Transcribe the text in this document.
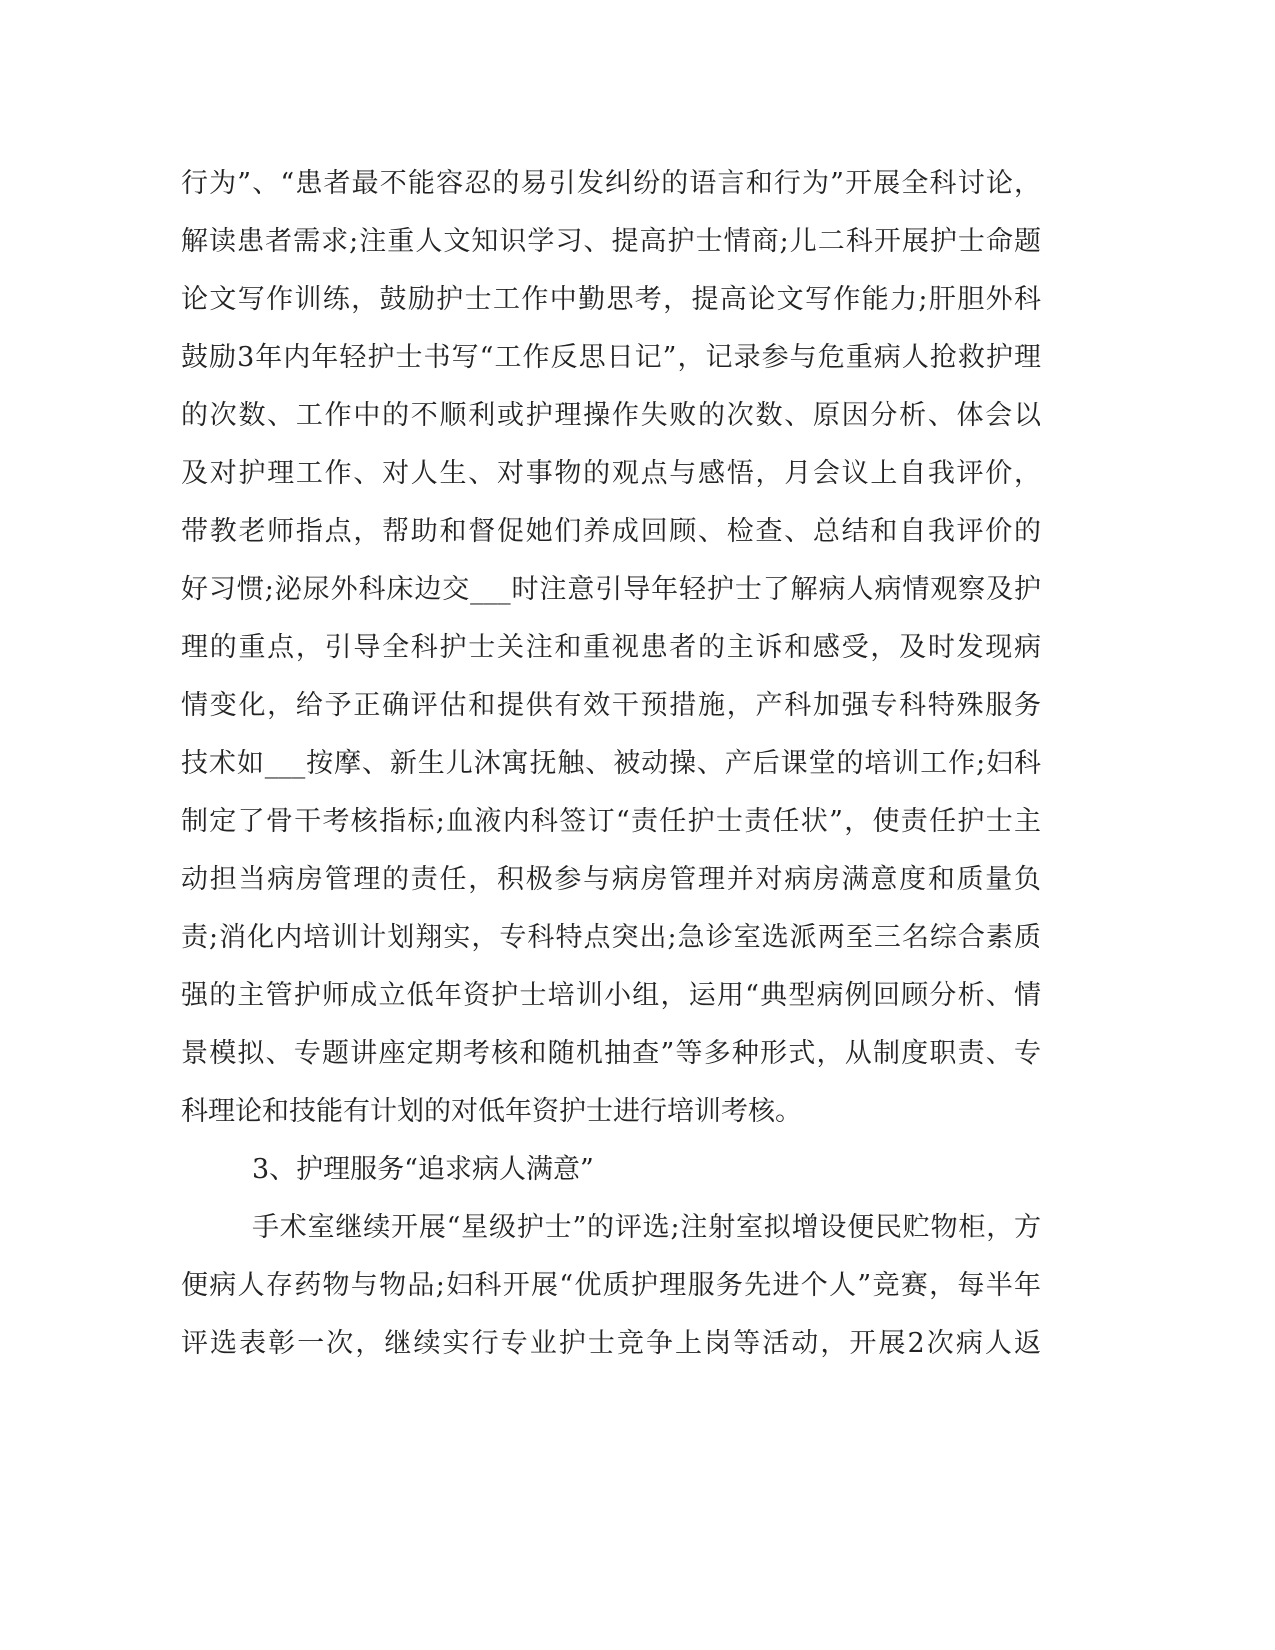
行为”、“患者最不能容忍的易引发纠纷的语言和行为”开展全科讨论，
解读患者需求;注重人文知识学习、提高护士情商;儿二科开展护士命题
论文写作训练，鼓励护士工作中勤思考，提高论文写作能力;肝胆外科
鼓励3年内年轻护士书写“工作反思日记”，记录参与危重病人抢救护理
的次数、工作中的不顺利或护理操作失败的次数、原因分析、体会以
及对护理工作、对人生、对事物的观点与感悟，月会议上自我评价，
带教老师指点，帮助和督促她们养成回顾、检查、总结和自我评价的
好习惯;泌尿外科床边交___时注意引导年轻护士了解病人病情观察及护
理的重点，引导全科护士关注和重视患者的主诉和感受，及时发现病
情变化，给予正确评估和提供有效干预措施，产科加强专科特殊服务
技术如___按摩、新生儿沐寓抚触、被动操、产后课堂的培训工作;妇科
制定了骨干考核指标;血液内科签订“责任护士责任状”，使责任护士主
动担当病房管理的责任，积极参与病房管理并对病房满意度和质量负
责;消化内培训计划翔实，专科特点突出;急诊室选派两至三名综合素质
强的主管护师成立低年资护士培训小组，运用“典型病例回顾分析、情
景模拟、专题讲座定期考核和随机抽查”等多种形式，从制度职责、专
科理论和技能有计划的对低年资护士进行培训考核。
3、护理服务“追求病人满意”
手术室继续开展“星级护士”的评选;注射室拟增设便民贮物柜，方
便病人存药物与物品;妇科开展“优质护理服务先进个人”竞赛，每半年
评选表彰一次，继续实行专业护士竞争上岗等活动，开展2次病人返
